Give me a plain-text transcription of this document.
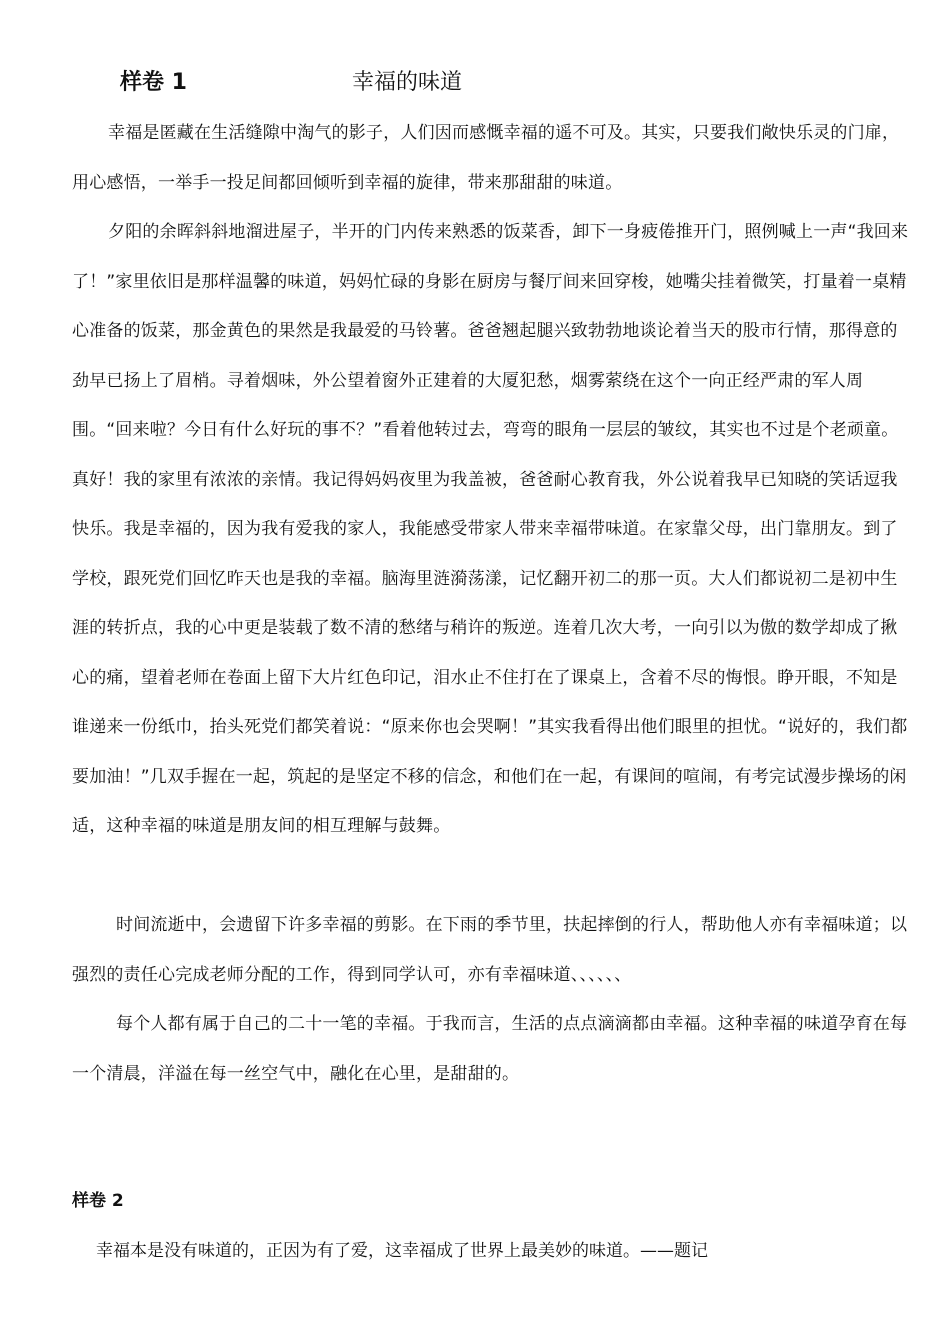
样卷 1	幸福的味道

幸福是匿藏在生活缝隙中淘气的影子，人们因而感慨幸福的遥不可及。其实，只要我们敞快乐灵的门扉，用心感悟，一举手一投足间都回倾听到幸福的旋律，带来那甜甜的味道。

夕阳的余晖斜斜地溜进屋子，半开的门内传来熟悉的饭菜香，卸下一身疲倦推开门，照例喊上一声“我回来了！”家里依旧是那样温馨的味道，妈妈忙碌的身影在厨房与餐厅间来回穿梭，她嘴尖挂着微笑，打量着一桌精心准备的饭菜，那金黄色的果然是我最爱的马铃薯。爸爸翘起腿兴致勃勃地谈论着当天的股市行情，那得意的劲早已扬上了眉梢。寻着烟味，外公望着窗外正建着的大厦犯愁，烟雾萦绕在这个一向正经严肃的军人周围。“回来啦？今日有什么好玩的事不？”看着他转过去，弯弯的眼角一层层的皱纹，其实也不过是个老顽童。真好！我的家里有浓浓的亲情。我记得妈妈夜里为我盖被，爸爸耐心教育我，外公说着我早已知晓的笑话逗我快乐。我是幸福的，因为我有爱我的家人，我能感受带家人带来幸福带味道。在家靠父母，出门靠朋友。到了学校，跟死党们回忆昨天也是我的幸福。脑海里涟漪荡漾，记忆翻开初二的那一页。大人们都说初二是初中生涯的转折点，我的心中更是装载了数不清的愁绪与稍许的叛逆。连着几次大考，一向引以为傲的数学却成了揪心的痛，望着老师在卷面上留下大片红色印记，泪水止不住打在了课桌上，含着不尽的悔恨。睁开眼，不知是谁递来一份纸巾，抬头死党们都笑着说：“原来你也会哭啊！”其实我看得出他们眼里的担忧。“说好的，我们都要加油！”几双手握在一起，筑起的是坚定不移的信念，和他们在一起，有课间的喧闹，有考完试漫步操场的闲适，这种幸福的味道是朋友间的相互理解与鼓舞。

时间流逝中，会遗留下许多幸福的剪影。在下雨的季节里，扶起摔倒的行人，帮助他人亦有幸福味道；以强烈的责任心完成老师分配的工作，得到同学认可，亦有幸福味道、、、、、、

每个人都有属于自己的二十一笔的幸福。于我而言，生活的点点滴滴都由幸福。这种幸福的味道孕育在每一个清晨，洋溢在每一丝空气中，融化在心里，是甜甜的。

样卷 2

幸福本是没有味道的，正因为有了爱，这幸福成了世界上最美妙的味道。——题记
